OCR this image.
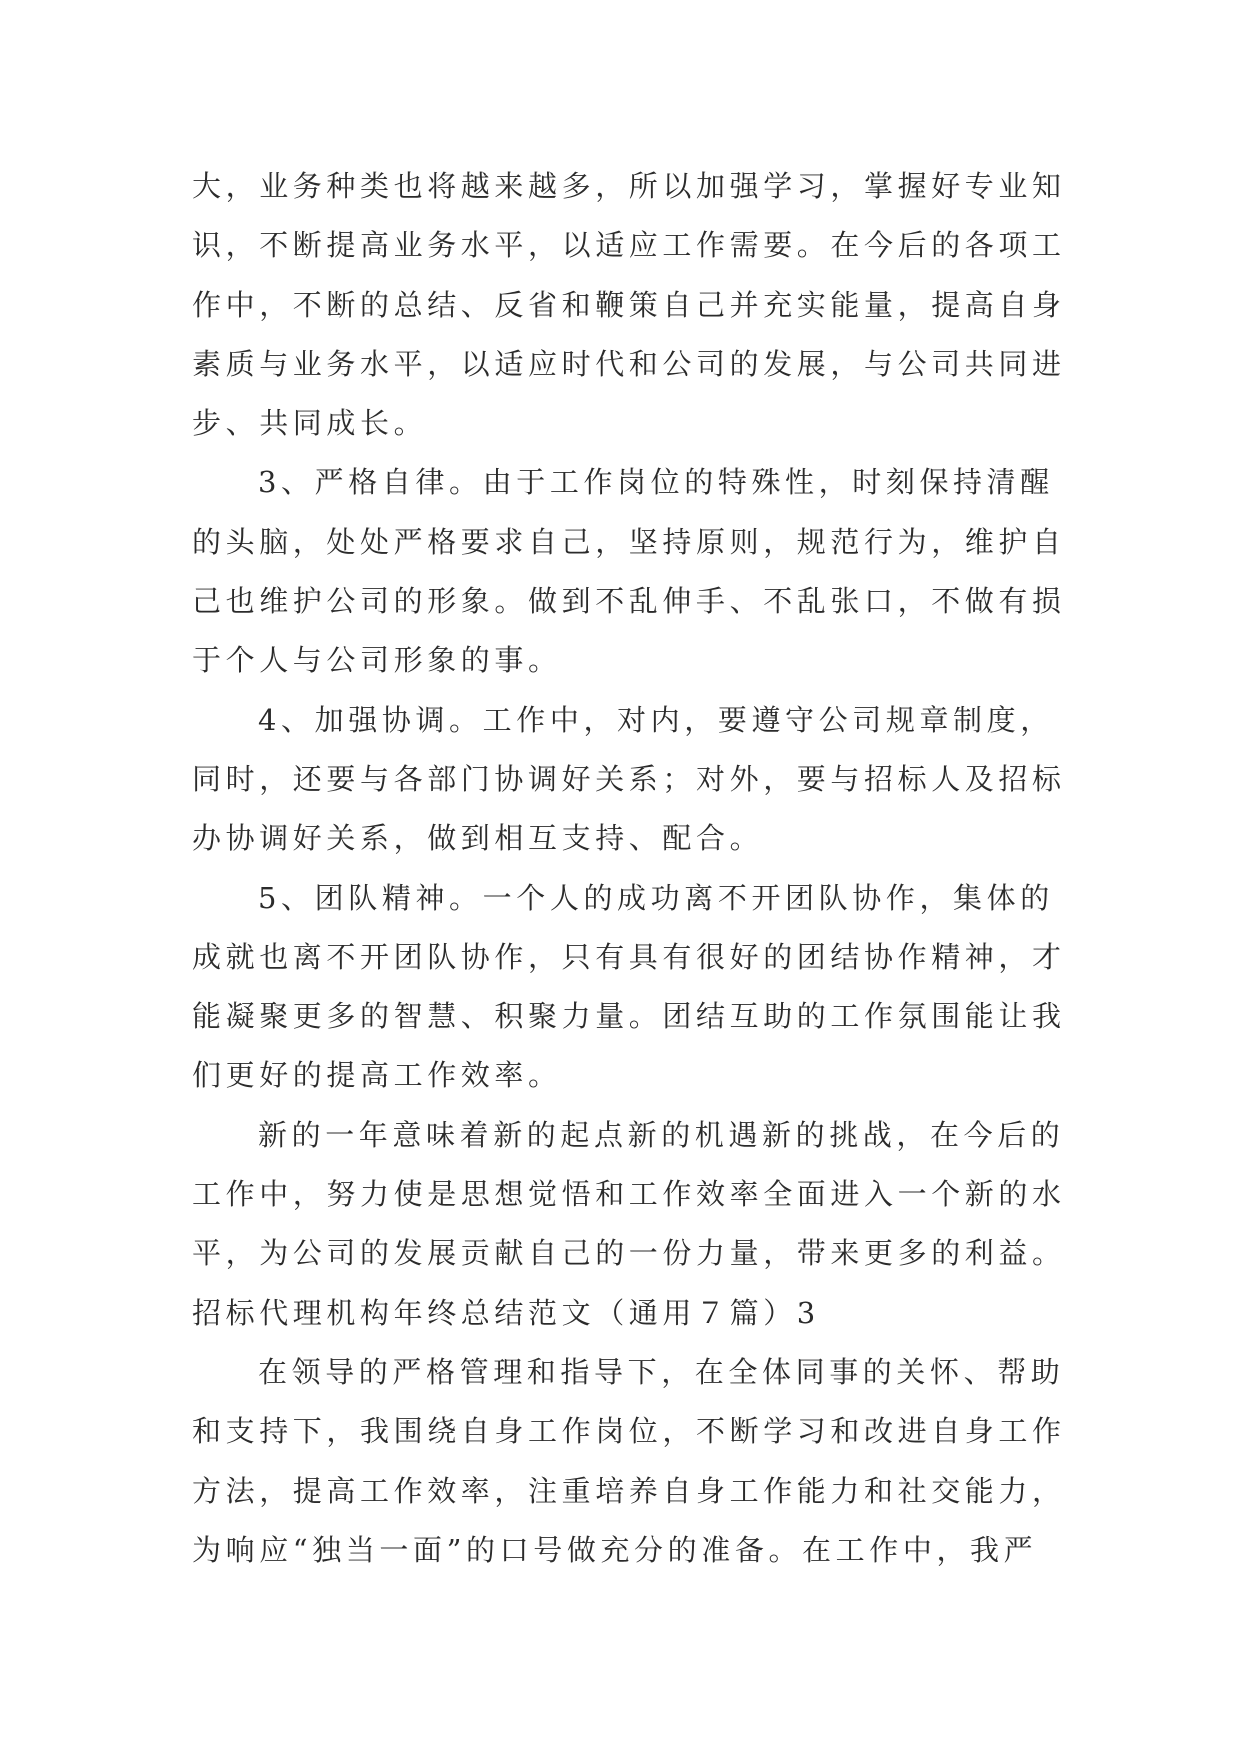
大，业务种类也将越来越多，所以加强学习，掌握好专业知
识，不断提高业务水平，以适应工作需要。在今后的各项工
作中，不断的总结、反省和鞭策自己并充实能量，提高自身
素质与业务水平，以适应时代和公司的发展，与公司共同进
步、共同成长。
3、严格自律。由于工作岗位的特殊性，时刻保持清醒
的头脑，处处严格要求自己，坚持原则，规范行为，维护自
己也维护公司的形象。做到不乱伸手、不乱张口，不做有损
于个人与公司形象的事。
4、加强协调。工作中，对内，要遵守公司规章制度，
同时，还要与各部门协调好关系；对外，要与招标人及招标
办协调好关系，做到相互支持、配合。
5、团队精神。一个人的成功离不开团队协作，集体的
成就也离不开团队协作，只有具有很好的团结协作精神，才
能凝聚更多的智慧、积聚力量。团结互助的工作氛围能让我
们更好的提高工作效率。
新的一年意味着新的起点新的机遇新的挑战，在今后的
工作中，努力使是思想觉悟和工作效率全面进入一个新的水
平，为公司的发展贡献自己的一份力量，带来更多的利益。
招标代理机构年终总结范文（通用７篇）3
在领导的严格管理和指导下，在全体同事的关怀、帮助
和支持下，我围绕自身工作岗位，不断学习和改进自身工作
方法，提高工作效率，注重培养自身工作能力和社交能力，
为响应“独当一面”的口号做充分的准备。在工作中，我严
